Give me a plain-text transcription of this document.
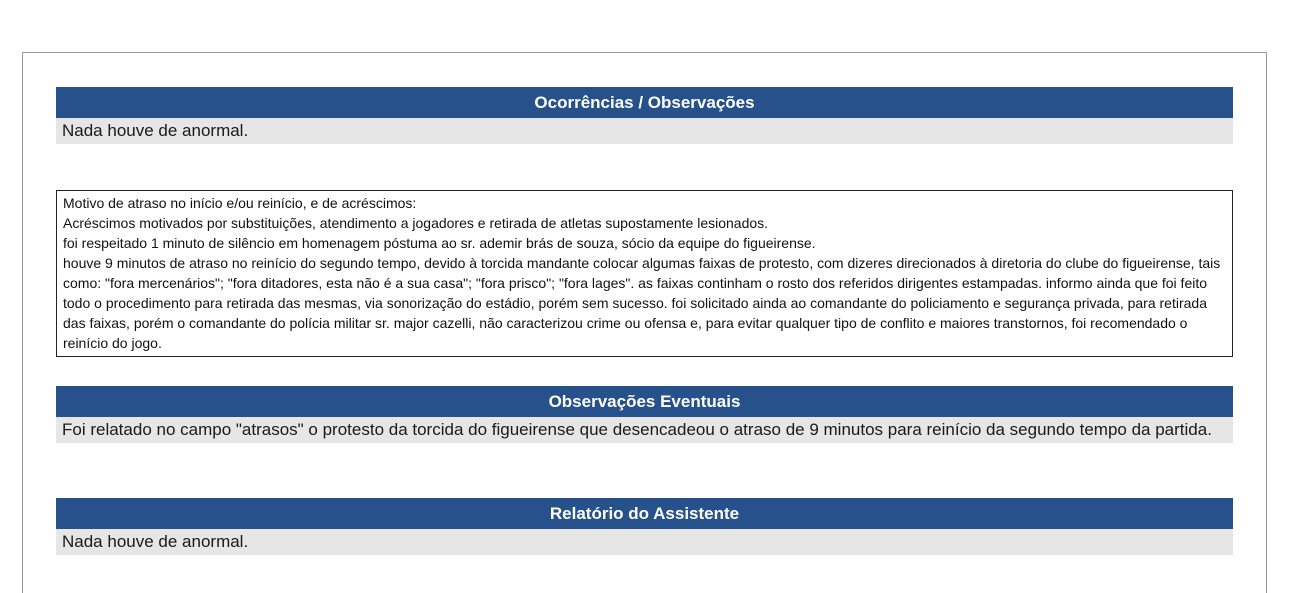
Ocorrências / Observações
Nada houve de anormal.

Motivo de atraso no início e/ou reinício, e de acréscimos:

Acréscimos motivados por substituições, atendimento a jogadores e retirada de atletas supostamente lesionados.

foi respeitado 1 minuto de silêncio em homenagem póstuma ao sr. ademir brás de souza, sócio da equipe do figueirense.

houve 9 minutos de atraso no reinício do segundo tempo, devido à torcida mandante colocar algumas faixas de protesto, com dizeres direcionados à diretoria do clube do figueirense, tais como: "fora mercenários"; "fora ditadores, esta não é a sua casa"; "fora prisco"; "fora lages". as faixas continham o rosto dos referidos dirigentes estampadas. informo ainda que foi feito todo o procedimento para retirada das mesmas, via sonorização do estádio, porém sem sucesso. foi solicitado ainda ao comandante do policiamento e segurança privada, para retirada das faixas, porém o comandante do polícia militar sr. major cazelli, não caracterizou crime ou ofensa e, para evitar qualquer tipo de conflito e maiores transtornos, foi recomendado o reinício do jogo.

Observações Eventuais
Foi relatado no campo "atrasos" o protesto da torcida do figueirense que desencadeou o atraso de 9 minutos para reinício da segundo tempo da partida.
Relatório do Assistente
Nada houve de anormal.
